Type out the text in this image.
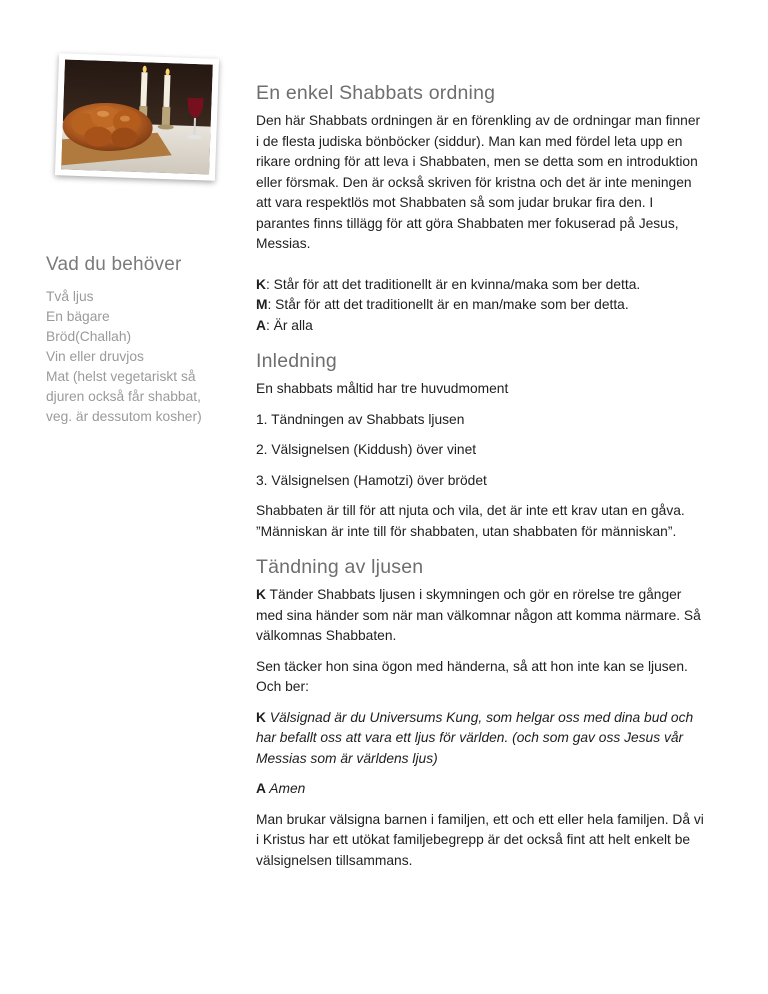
Vad du behöver
Två ljus
En bägare
Bröd(Challah)
Vin eller druvjos
Mat (helst vegetariskt så
djuren också får shabbat,
veg. är dessutom kosher)
En enkel Shabbats ordning

Den här Shabbats ordningen är en förenkling av de ordningar man finner i de flesta judiska bönböcker (siddur). Man kan med fördel leta upp en rikare ordning för att leva i Shabbaten, men se detta som en introduktion eller försmak. Den är också skriven för kristna och det är inte meningen att vara respektlös mot Shabbaten så som judar brukar fira den. I parantes finns tillägg för att göra Shabbaten mer fokuserad på Jesus, Messias.

K: Står för att det traditionellt är en kvinna/maka som ber detta.

M: Står för att det traditionellt är en man/make som ber detta.

A: Är alla

Inledning

En shabbats måltid har tre huvudmoment

1. Tändningen av Shabbats ljusen

2. Välsignelsen (Kiddush) över vinet

3. Välsignelsen (Hamotzi) över brödet

Shabbaten är till för att njuta och vila, det är inte ett krav utan en gåva. ”Människan är inte till för shabbaten, utan shabbaten för människan”.

Tändning av ljusen

K Tänder Shabbats ljusen i skymningen och gör en rörelse tre gånger med sina händer som när man välkomnar någon att komma närmare. Så välkomnas Shabbaten.

Sen täcker hon sina ögon med händerna, så att hon inte kan se ljusen. Och ber:

K Välsignad är du Universums Kung, som helgar oss med dina bud och har befallt oss att vara ett ljus för världen. (och som gav oss Jesus vår Messias som är världens ljus)

A Amen

Man brukar välsigna barnen i familjen, ett och ett eller hela familjen. Då vi i Kristus har ett utökat familjebegrepp är det också fint att helt enkelt be välsignelsen tillsammans.
